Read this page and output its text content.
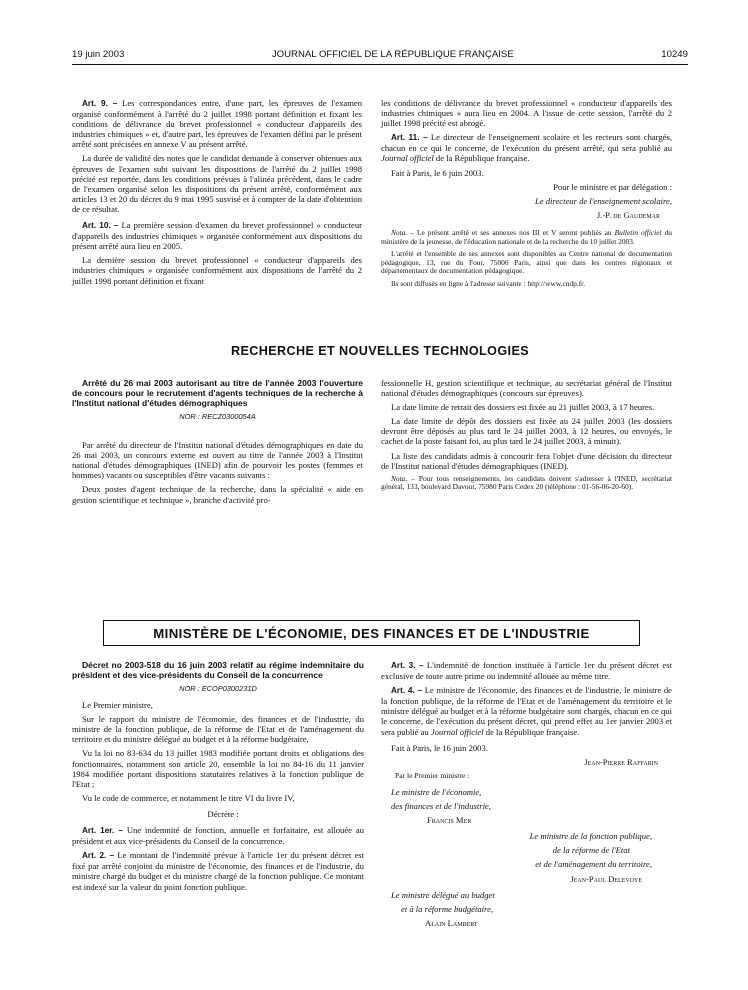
19 juin 2003	JOURNAL OFFICIEL DE LA RÉPUBLIQUE FRANÇAISE	10249

Art. 9. – Les correspondances entre, d'une part, les épreuves de l'examen organisé conformément à l'arrêté du 2 juillet 1998 portant définition et fixant les conditions de délivrance du brevet professionnel « conducteur d'appareils des industries chimiques » et, d'autre part, les épreuves de l'examen défini par le présent arrêté sont précisées en annexe V au présent arrêté.

La durée de validité des notes que le candidat demande à conserver obtenues aux épreuves de l'examen subi suivant les dispositions de l'arrêté du 2 juillet 1998 précité est reportée, dans les conditions prévues à l'alinéa précédent, dans le cadre de l'examen organisé selon les dispositions du présent arrêté, conformément aux articles 13 et 20 du décret du 9 mai 1995 susvisé et à compter de la date d'obtention de ce résultat.

Art. 10. – La première session d'examen du brevet professionnel « conducteur d'appareils des industries chimiques » organisée conformément aux dispositions du présent arrêté aura lieu en 2005.

La dernière session du brevet professionnel « conducteur d'appareils des industries chimiques » organisée conformément aux dispositions de l'arrêté du 2 juillet 1998 portant définition et fixant

les conditions de délivrance du brevet professionnel « conducteur d'appareils des industries chimiques » aura lieu en 2004. A l'issue de cette session, l'arrêté du 2 juillet 1998 précité est abrogé.

Art. 11. – Le directeur de l'enseignement scolaire et les recteurs sont chargés, chacun en ce qui le concerne, de l'exécution du présent arrêté, qui sera publié au Journal officiel de la République française.

Fait à Paris, le 6 juin 2003.

Pour le ministre et par délégation :

Le directeur de l'enseignement scolaire,

J.-P. de Gaudemar

Nota. – Le présent arrêté et ses annexes nos III et V seront publiés au Bulletin officiel du ministère de la jeunesse, de l'éducation nationale et de la recherche du 10 juillet 2003.

L'arrêté et l'ensemble de ses annexes sont disponibles au Centre national de documentation pédagogique, 13, rue du Four, 75006 Paris, ainsi que dans les centres régionaux et départementaux de documentation pédagogique.

Ils sont diffusés en ligne à l'adresse suivante : http://www.cndp.fr.

RECHERCHE ET NOUVELLES TECHNOLOGIES

Arrêté du 26 mai 2003 autorisant au titre de l'année 2003 l'ouverture de concours pour le recrutement d'agents techniques de la recherche à l'Institut national d'études démographiques

NOR : RECZ0300054A

Par arrêté du directeur de l'Institut national d'études démographiques en date du 26 mai 2003, un concours externe est ouvert au titre de l'année 2003 à l'Institut national d'études démographiques (INED) afin de pourvoir les postes (femmes et hommes) vacants ou susceptibles d'être vacants suivants :

Deux postes d'agent technique de la recherche, dans la spécialité « aide en gestion scientifique et technique », branche d'activité pro-

fessionnelle H, gestion scientifique et technique, au secrétariat général de l'Institut national d'études démographiques (concours sur épreuves).

La date limite de retrait des dossiers est fixée au 21 juillet 2003, à 17 heures.

La date limite de dépôt des dossiers est fixée au 24 juillet 2003 (les dossiers devront être déposés au plus tard le 24 juillet 2003, à 12 heures, ou envoyés, le cachet de la poste faisant foi, au plus tard le 24 juillet 2003, à minuit).

La liste des candidats admis à concourir fera l'objet d'une décision du directeur de l'Institut national d'études démographiques (INED).

Nota. – Pour tous renseignements, les candidats doivent s'adresser à l'INED, secrétariat général, 133, boulevard Davout, 75980 Paris Cedex 20 (téléphone : 01-56-06-20-60).

MINISTÈRE DE L'ÉCONOMIE, DES FINANCES ET DE L'INDUSTRIE

Décret no 2003-518 du 16 juin 2003 relatif au régime indemnitaire du président et des vice-présidents du Conseil de la concurrence

NOR : ECOP0300231D

Le Premier ministre,

Sur le rapport du ministre de l'économie, des finances et de l'industrie, du ministre de la fonction publique, de la réforme de l'Etat et de l'aménagement du territoire et du ministre délégué au budget et à la réforme budgétaire,

Vu la loi no 83-634 du 13 juillet 1983 modifiée portant droits et obligations des fonctionnaires, notamment son article 20, ensemble la loi no 84-16 du 11 janvier 1984 modifiée portant dispositions statutaires relatives à la fonction publique de l'Etat ;

Vu le code de commerce, et notamment le titre VI du livre IV,

Décrète :

Art. 1er. – Une indemnité de fonction, annuelle et forfaitaire, est allouée au président et aux vice-présidents du Conseil de la concurrence.

Art. 2. – Le montant de l'indemnité prévue à l'article 1er du présent décret est fixé par arrêté conjoint du ministre de l'économie, des finances et de l'industrie, du ministre chargé du budget et du ministre chargé de la fonction publique. Ce montant est indexé sur la valeur du point fonction publique.

Art. 3. – L'indemnité de fonction instituée à l'article 1er du présent décret est exclusive de toute autre prime ou indemnité allouée au même titre.

Art. 4. – Le ministre de l'économie, des finances et de l'industrie, le ministre de la fonction publique, de la réforme de l'Etat et de l'aménagement du territoire et le ministre délégué au budget et à la réforme budgétaire sont chargés, chacun en ce qui le concerne, de l'exécution du présent décret, qui prend effet au 1er janvier 2003 et sera publié au Journal officiel de la République française.

Fait à Paris, le 16 juin 2003.

Jean-Pierre Raffarin

Par le Premier ministre :

Le ministre de l'économie,

des finances et de l'industrie,

Francis Mer

Le ministre de la fonction publique,

de la réforme de l'Etat

et de l'aménagement du territoire,

Jean-Paul Delevoye

Le ministre délégué au budget

et à la réforme budgétaire,

Alain Lambert
